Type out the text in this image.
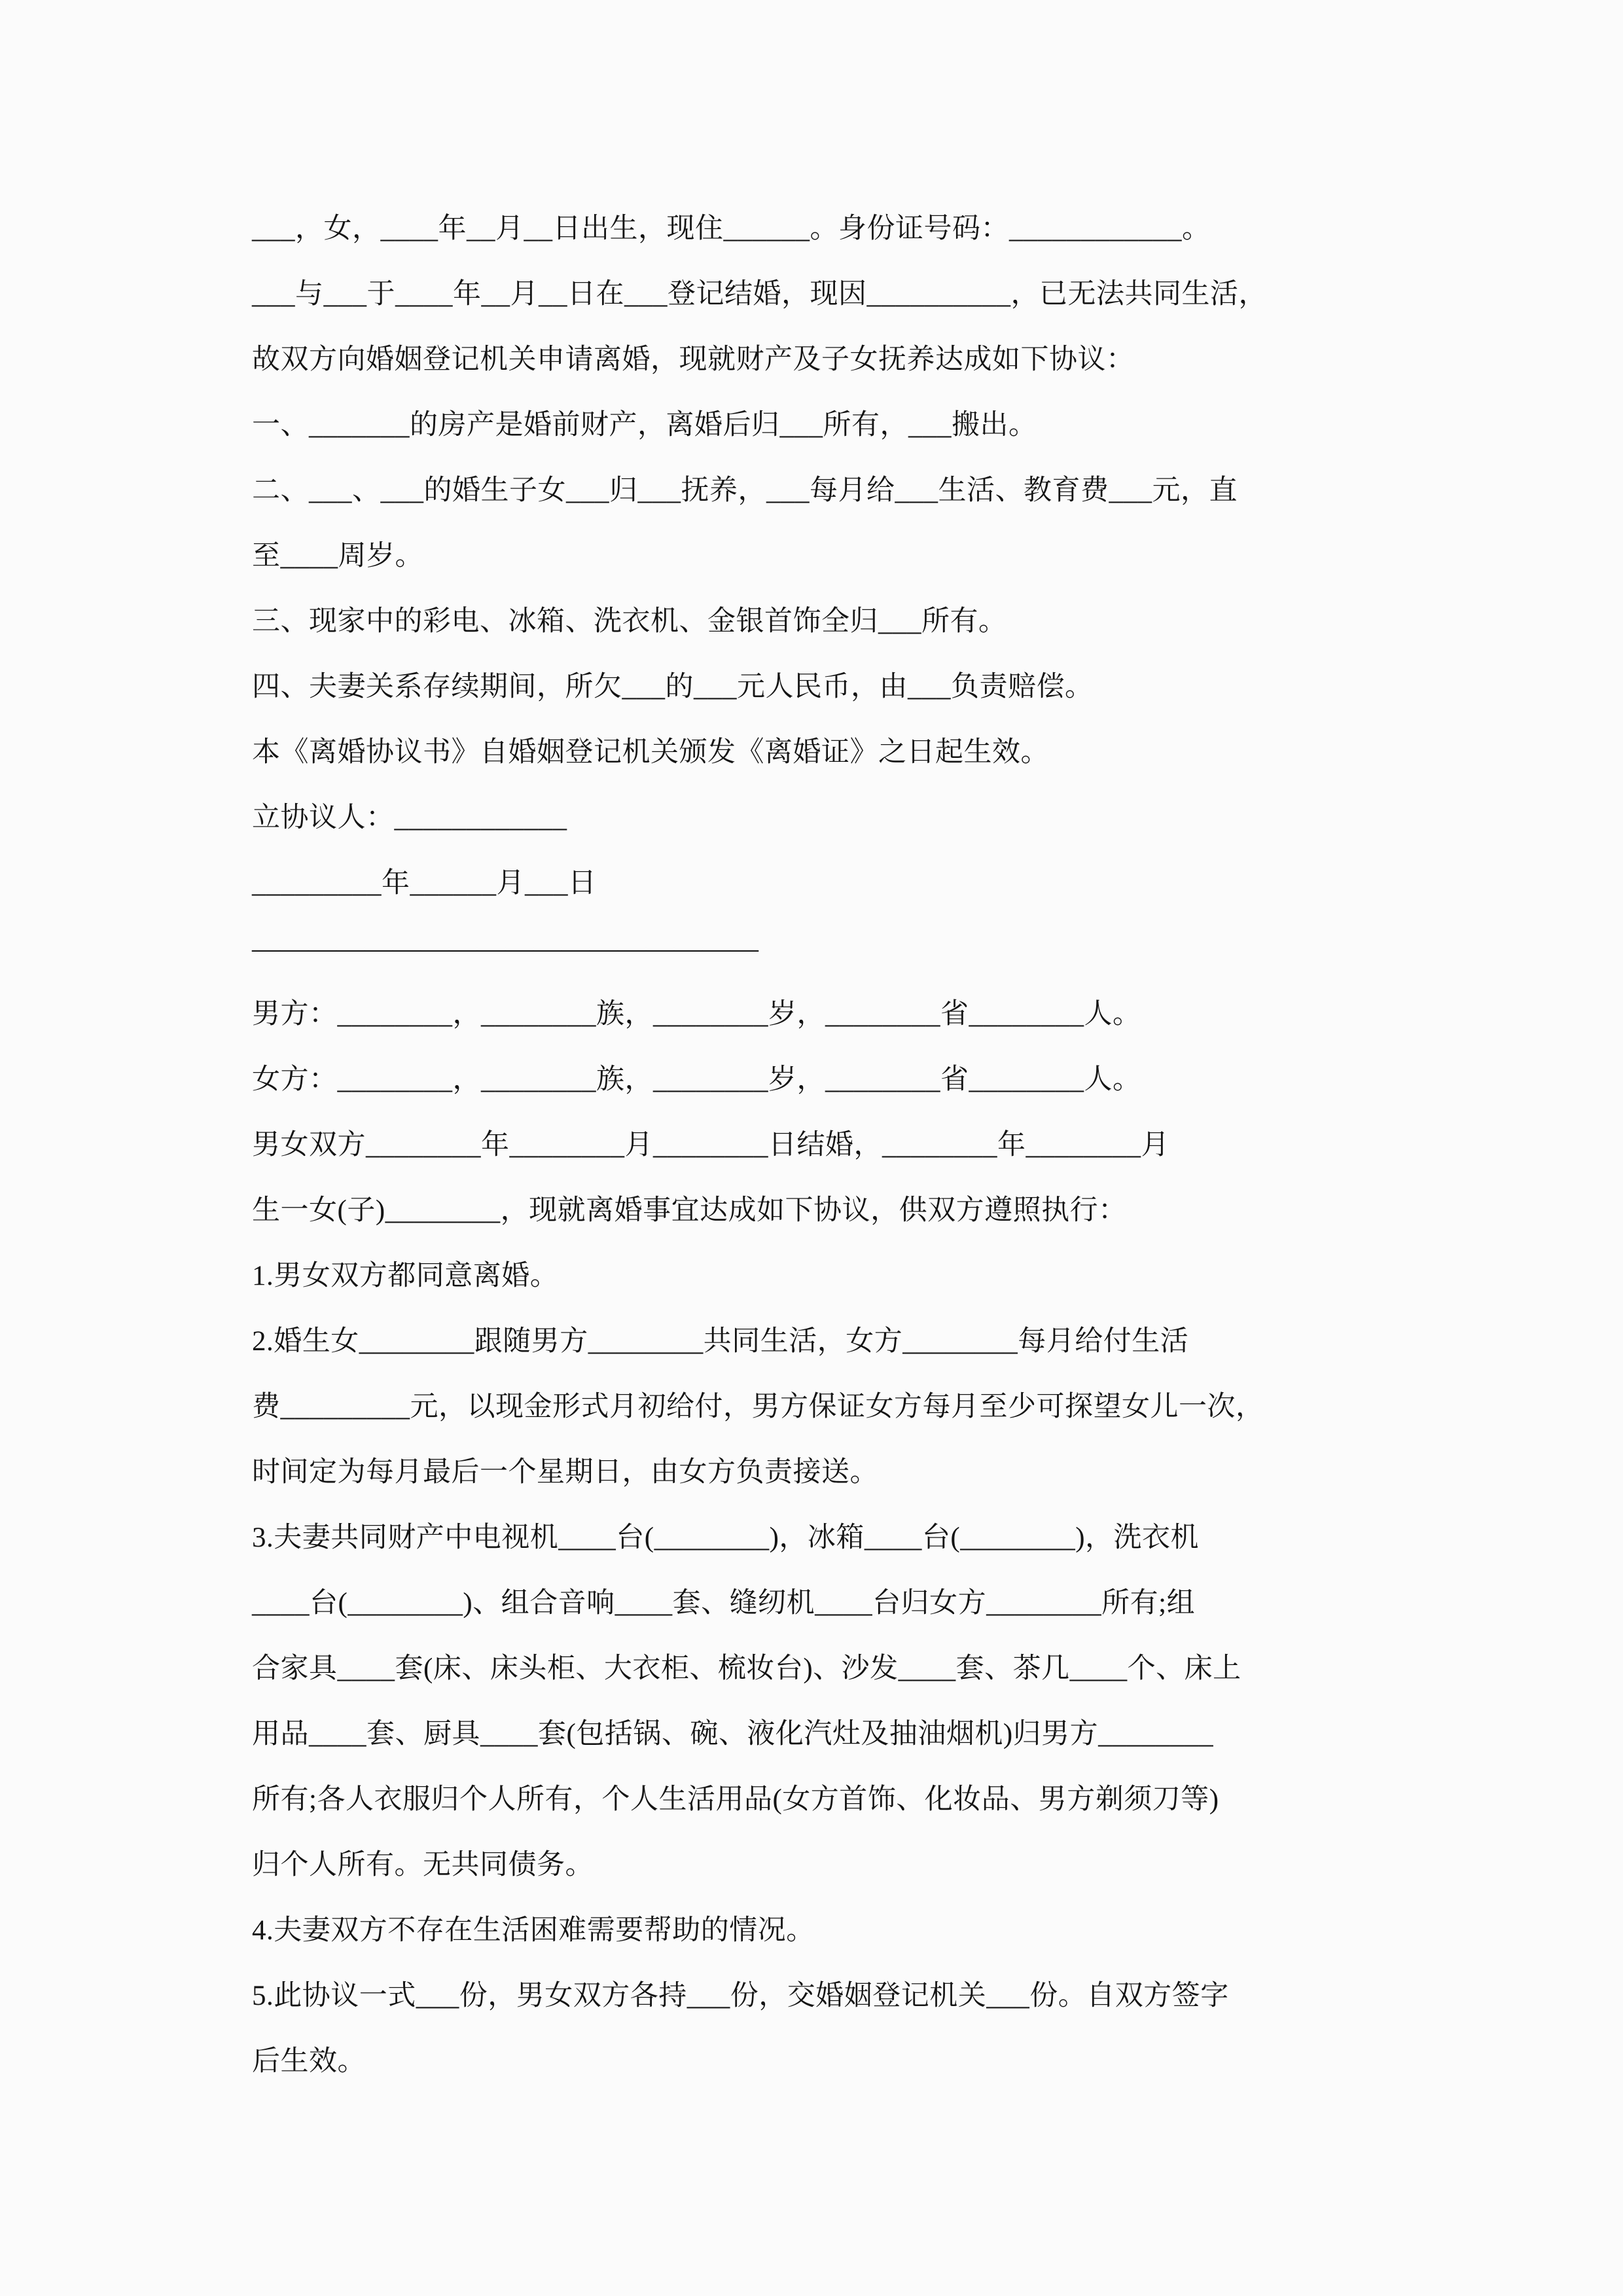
___，女，____年__月__日出生，现住______。身份证号码：____________。
___与___于____年__月__日在___登记结婚，现因__________，已无法共同生活，
故双方向婚姻登记机关申请离婚，现就财产及子女抚养达成如下协议：
一、_______的房产是婚前财产，离婚后归___所有，___搬出。
二、___、___的婚生子女___归___抚养，___每月给___生活、教育费___元，直
至____周岁。
三、现家中的彩电、冰箱、洗衣机、金银首饰全归___所有。
四、夫妻关系存续期间，所欠___的___元人民币，由___负责赔偿。
本《离婚协议书》自婚姻登记机关颁发《离婚证》之日起生效。
立协议人：____________
_________年______月___日
——————————————————
男方：________，________族，________岁，________省________人。
女方：________，________族，________岁，________省________人。
男女双方________年________月________日结婚，________年________月
生一女(子)________，现就离婚事宜达成如下协议，供双方遵照执行：
1.男女双方都同意离婚。
2.婚生女________跟随男方________共同生活，女方________每月给付生活
费_________元，以现金形式月初给付，男方保证女方每月至少可探望女儿一次，
时间定为每月最后一个星期日，由女方负责接送。
3.夫妻共同财产中电视机____台(________)，冰箱____台(________)，洗衣机
____台(________)、组合音响____套、缝纫机____台归女方________所有;组
合家具____套(床、床头柜、大衣柜、梳妆台)、沙发____套、茶几____个、床上
用品____套、厨具____套(包括锅、碗、液化汽灶及抽油烟机)归男方________
所有;各人衣服归个人所有，个人生活用品(女方首饰、化妆品、男方剃须刀等)
归个人所有。无共同债务。
4.夫妻双方不存在生活困难需要帮助的情况。
5.此协议一式___份，男女双方各持___份，交婚姻登记机关___份。自双方签字
后生效。
